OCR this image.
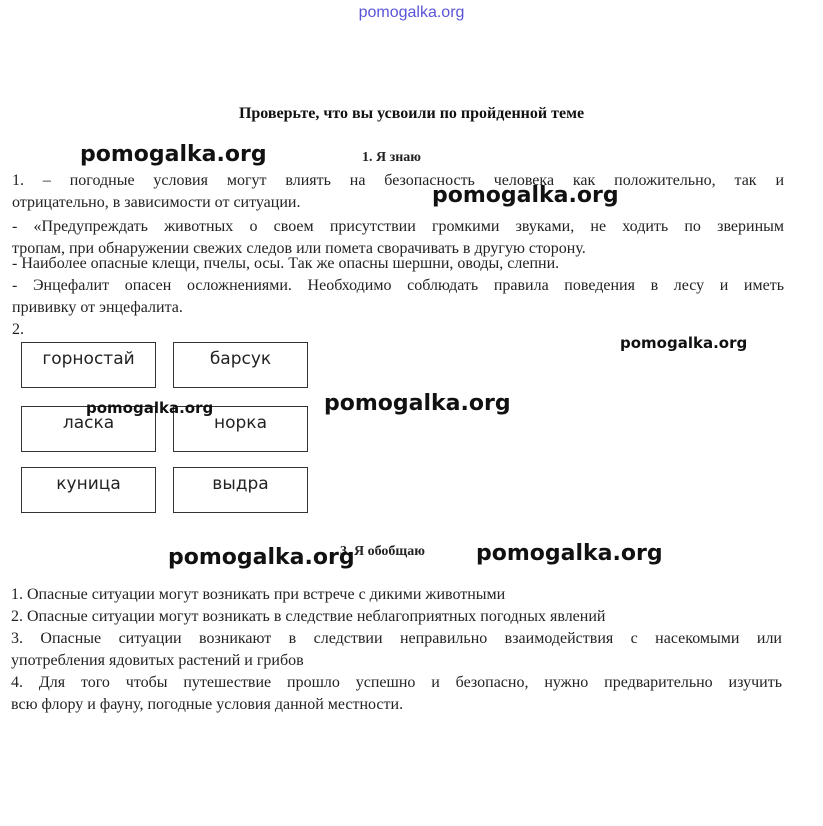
pomogalka.org
Проверьте, что вы усвоили по пройденной теме
1. Я знаю
1. – погодные условия могут влиять на безопасность человека как положительно, так и
отрицательно, в зависимости от ситуации.
- «Предупреждать животных о своем присутствии громкими звуками, не ходить по звериным
тропам, при обнаружении свежих следов или помета сворачивать в другую сторону.
- Наиболее опасные клещи, пчелы, осы. Так же опасны шершни, оводы, слепни.
- Энцефалит опасен осложнениями. Необходимо соблюдать правила поведения в лесу и иметь
прививку от энцефалита.
2.
горностай	барсук
ласка	норка
куница	выдра
3. Я обобщаю
1. Опасные ситуации могут возникать при встрече с дикими животными
2. Опасные ситуации могут возникать в следствие неблагоприятных погодных явлений
3. Опасные ситуации возникают в следствии неправильно взаимодействия с насекомыми или
употребления ядовитых растений и грибов
4. Для того чтобы путешествие прошло успешно и безопасно, нужно предварительно изучить
всю флору и фауну, погодные условия данной местности.
pomogalka.org
pomogalka.org
pomogalka.org
pomogalka.org	pomogalka.org
pomogalka.org	pomogalka.org
